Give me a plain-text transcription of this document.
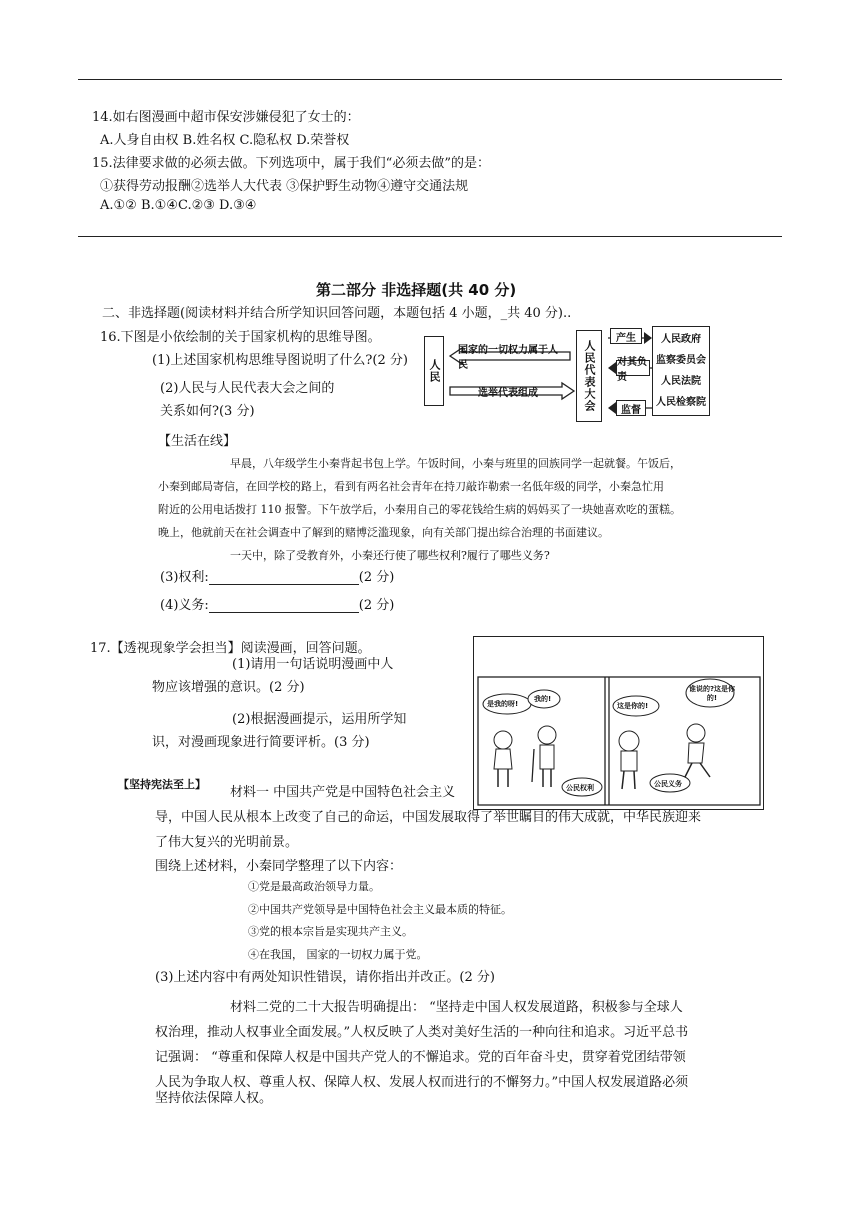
14.如右图漫画中超市保安涉嫌侵犯了女士的：
A.人身自由权 B.姓名权 C.隐私权 D.荣誉权
15.法律要求做的必须去做。下列选项中，属于我们“必须去做”的是：
①获得劳动报酬②选举人大代表 ③保护野生动物④遵守交通法规
A.①② B.①④C.②③ D.③④
第二部分 非选择题(共 40 分)
二、非选择题(阅读材料并结合所学知识回答问题，本题包括 4 小题，_共 40 分)..
16.下图是小依绘制的关于国家机构的思维导图。
(1)上述国家机构思维导图说明了什么?(2 分)
(2)人民与人民代表大会之间的
关系如何?(3 分)
人民
国家的一切权力属于人民
选举代表组成	人民代表大会
产生
对其负责
监督
人民政府
监察委员会
人民法院
人民检察院
【生活在线】
早晨，八年级学生小秦背起书包上学。午饭时间，小秦与班里的回族同学一起就餐。午饭后，
小秦到邮局寄信，在回学校的路上，看到有两名社会青年在持刀敲诈勒索一名低年级的同学，小秦急忙用
附近的公用电话拨打 110 报警。下午放学后，小秦用自己的零花钱给生病的妈妈买了一块她喜欢吃的蛋糕。
晚上，他就前天在社会调查中了解到的赌博泛滥现象，向有关部门提出综合治理的书面建议。
一天中，除了受教育外，小秦还行使了哪些权利?履行了哪些义务?
(3)权利:	(2 分)
(4)义务:	(2 分)
17.【透视现象学会担当】阅读漫画，回答问题。
(1)请用一句话说明漫画中人
物应该增强的意识。(2 分)
(2)根据漫画提示，运用所学知
识，对漫画现象进行简要评析。(3 分)
是我的呀!
我的!
公民权利
这是你的!
谁说的?这是你的!
公民义务
【坚持宪法至上】
材料一 中国共产党是中国特色社会主义
导，中国人民从根本上改变了自己的命运，中国发展取得了举世瞩目的伟大成就，中华民族迎来
了伟大复兴的光明前景。
围绕上述材料，小秦同学整理了以下内容：
①党是最高政治领导力量。
②中国共产党领导是中国特色社会主义最本质的特征。
③党的根本宗旨是实现共产主义。
④在我国， 国家的一切权力属于党。
(3)上述内容中有两处知识性错误，请你指出并改正。(2 分)
材料二党的二十大报告明确提出： “坚持走中国人权发展道路，积极参与全球人
权治理，推动人权事业全面发展。”人权反映了人类对美好生活的一种向往和追求。习近平总书
记强调： “尊重和保障人权是中国共产党人的不懈追求。党的百年奋斗史，贯穿着党团结带领
人民为争取人权、尊重人权、保障人权、发展人权而进行的不懈努力。”中国人权发展道路必须
坚持依法保障人权。
